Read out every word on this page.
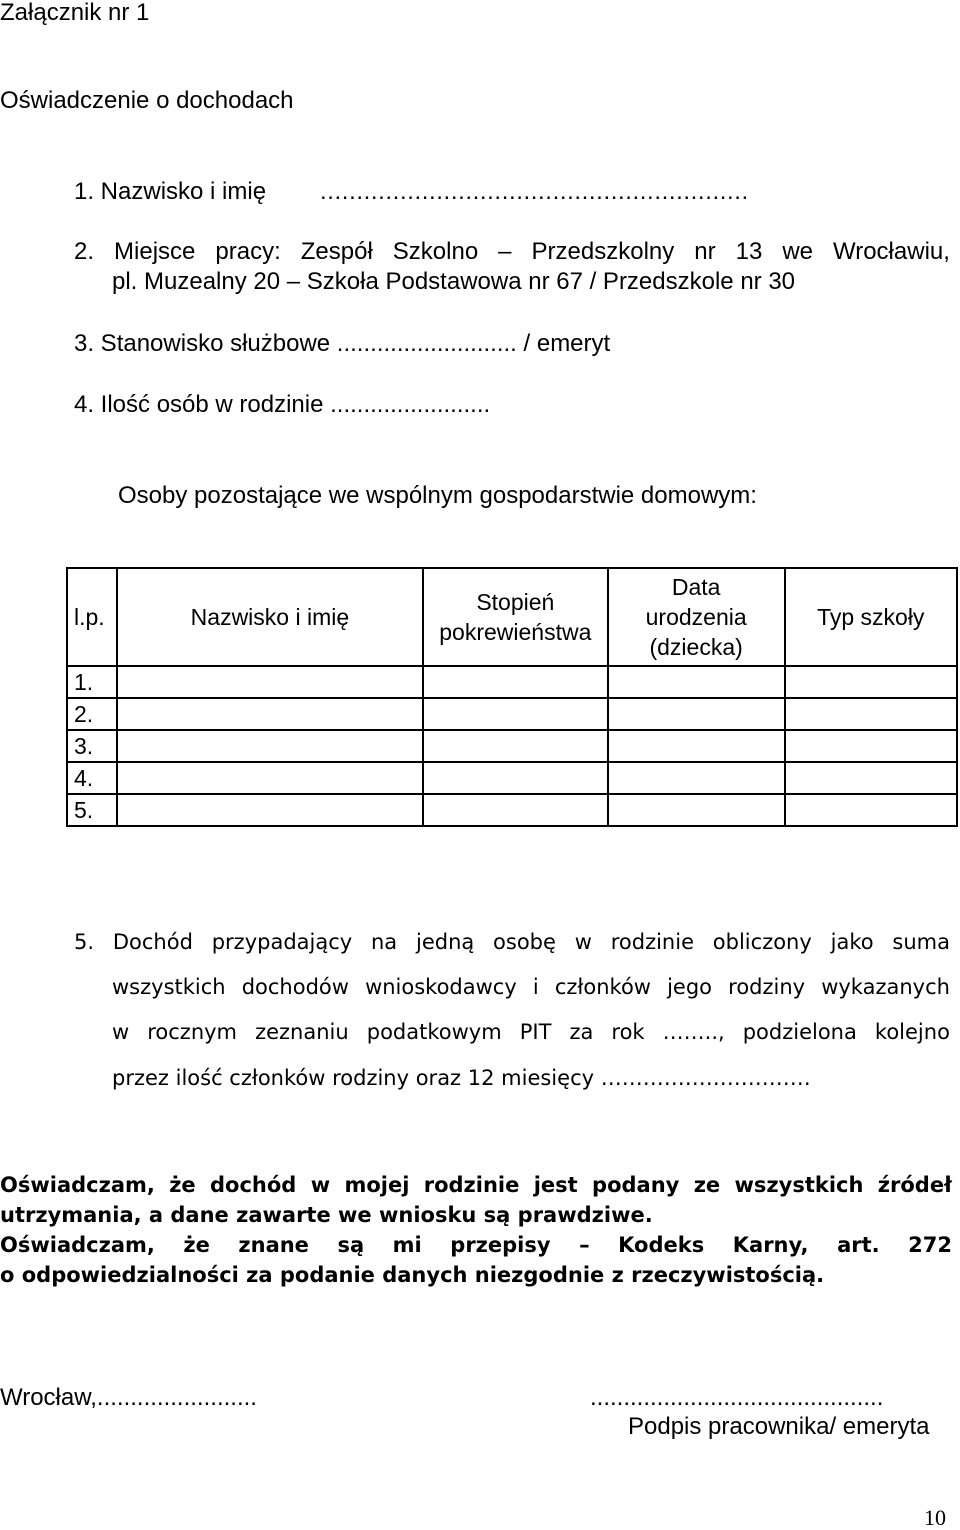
Załącznik nr 1
Oświadczenie o dochodach
1. Nazwisko i imię ...........................................................
2. Miejsce pracy: Zespół Szkolno – Przedszkolny nr 13 we Wrocławiu,
pl. Muzealny 20 – Szkoła Podstawowa nr 67 / Przedszkole nr 30
3. Stanowisko służbowe ........................... / emeryt
4. Ilość osób w rodzinie ........................
Osoby pozostające we wspólnym gospodarstwie domowym:
l.p.	Nazwisko i imię	Stopień pokrewieństwa	Data urodzenia (dziecka)	Typ szkoły
1.				
2.				
3.				
4.				
5.				
5. Dochód przypadający na jedną osobę w rodzinie obliczony jako suma
wszystkich dochodów wnioskodawcy i członków jego rodziny wykazanych
w rocznym zeznaniu podatkowym PIT za rok …….., podzielona kolejno
przez ilość członków rodziny oraz 12 miesięcy …………………………
Oświadczam, że dochód w mojej rodzinie jest podany ze wszystkich źródeł
utrzymania, a dane zawarte we wniosku są prawdziwe.
Oświadczam, że znane są mi przepisy – Kodeks Karny, art. 272
o odpowiedzialności za podanie danych niezgodnie z rzeczywistością.
Wrocław,........................	............................................
Podpis pracownika/ emeryta
10
